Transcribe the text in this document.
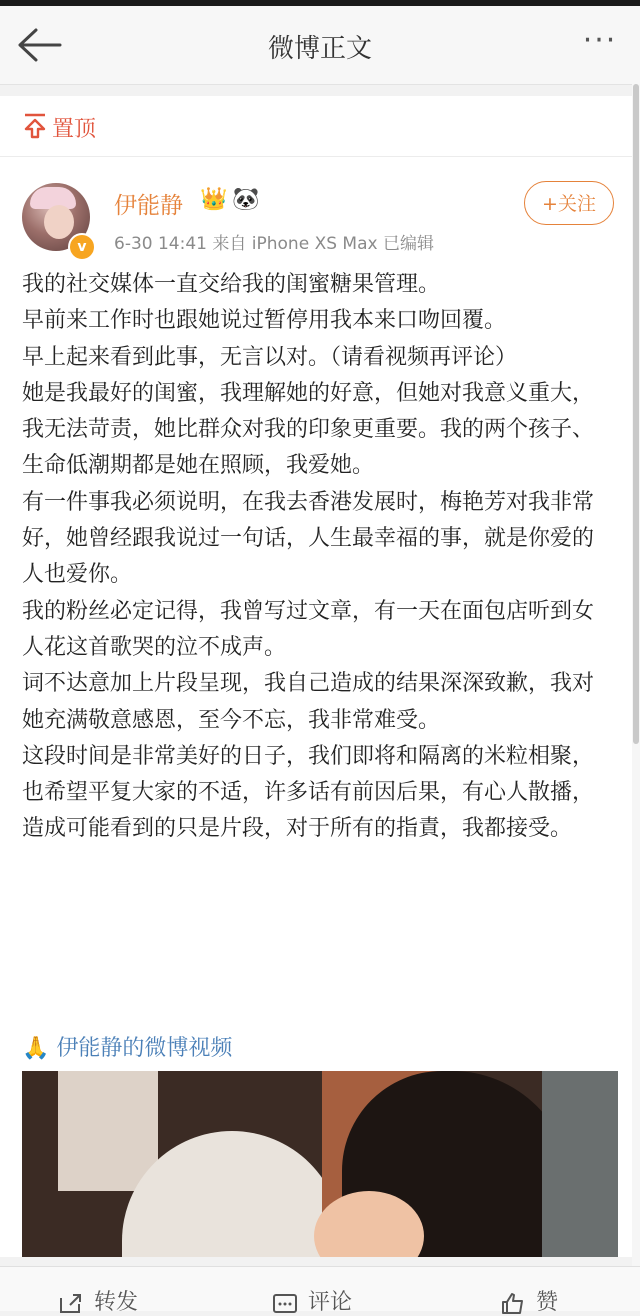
微博正文	···
置顶
v
伊能静 👑 🐼
6-30 14:41 来自 iPhone XS Max 已编辑
+关注

我的社交媒体一直交给我的闺蜜糖果管理。

早前来工作时也跟她说过暂停用我本来口吻回覆。

早上起来看到此事，无言以对。（请看视频再评论）

她是我最好的闺蜜，我理解她的好意，但她对我意义重大，我无法苛责，她比群众对我的印象更重要。我的两个孩子、生命低潮期都是她在照顾，我爱她。

有一件事我必须说明，在我去香港发展时，梅艳芳对我非常好，她曾经跟我说过一句话，人生最幸福的事，就是你爱的人也爱你。

我的粉丝必定记得，我曾写过文章，有一天在面包店听到女人花这首歌哭的泣不成声。

词不达意加上片段呈现，我自己造成的结果深深致歉，我对她充满敬意感恩，至今不忘，我非常难受。

这段时间是非常美好的日子，我们即将和隔离的米粒相聚，也希望平复大家的不适，许多话有前因后果，有心人散播，造成可能看到的只是片段，对于所有的指責，我都接受。

🙏 伊能静的微博视频
转发	评论	赞
